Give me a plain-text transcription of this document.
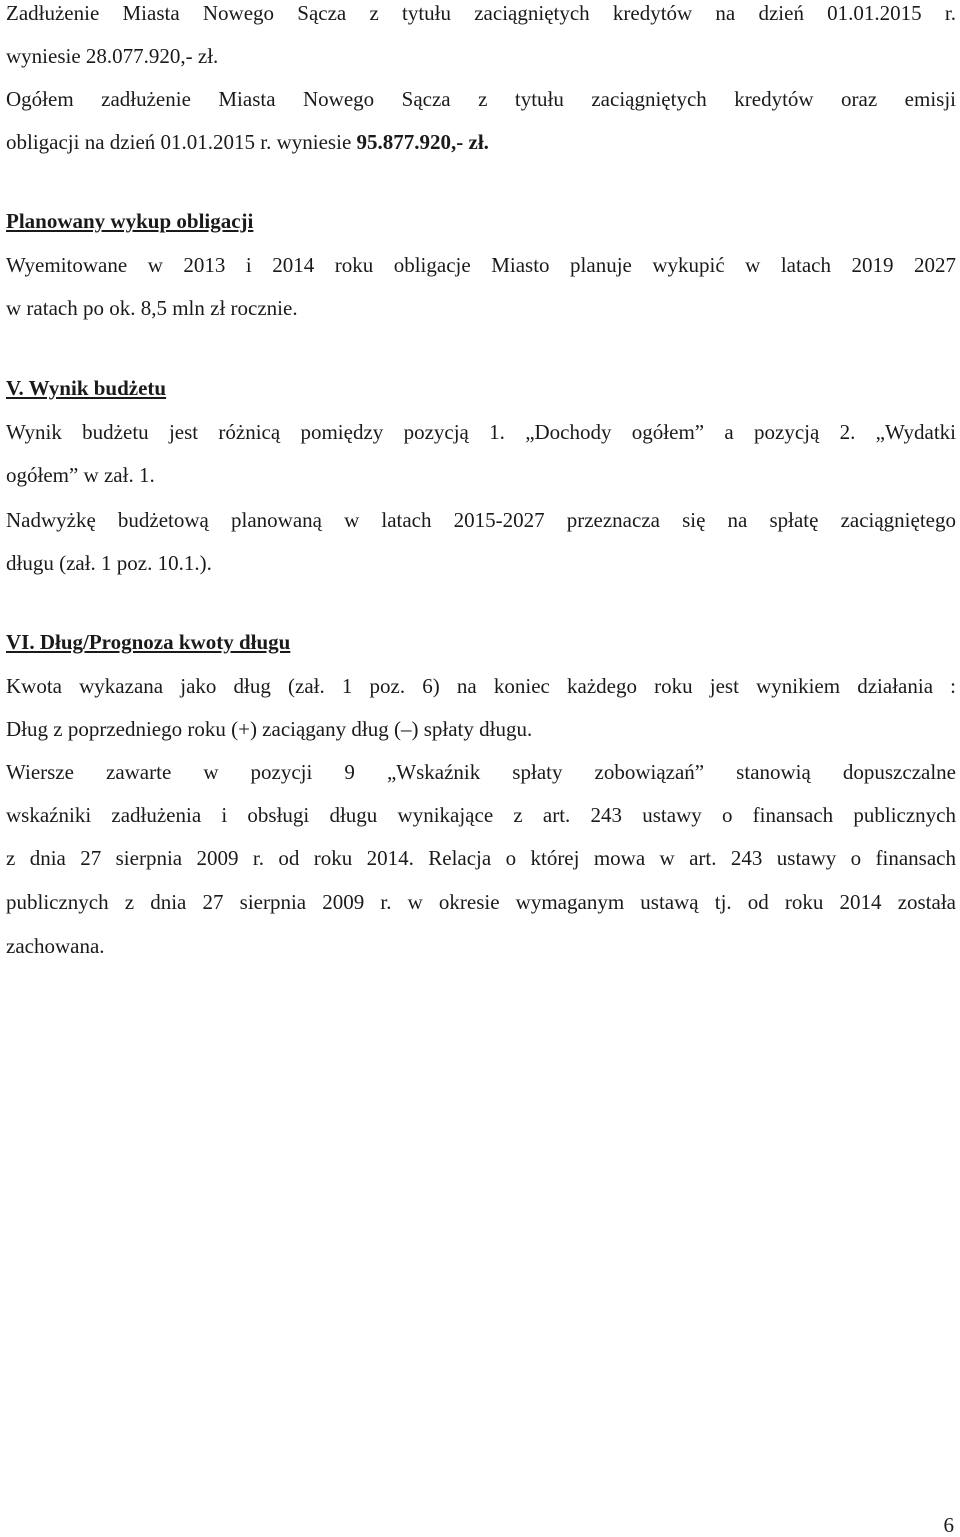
Zadłużenie Miasta Nowego Sącza z tytułu zaciągniętych kredytów na dzień 01.01.2015 r.
wyniesie 28.077.920,- zł.
Ogółem zadłużenie Miasta Nowego Sącza z tytułu zaciągniętych kredytów oraz emisji
obligacji na dzień 01.01.2015 r. wyniesie 95.877.920,- zł.
Planowany wykup obligacji
Wyemitowane w 2013 i 2014 roku obligacje Miasto planuje wykupić w latach 2019 2027
w ratach po ok. 8,5 mln zł rocznie.
V. Wynik budżetu
Wynik budżetu jest różnicą pomiędzy pozycją 1. „Dochody ogółem” a pozycją 2. „Wydatki
ogółem” w zał. 1.
Nadwyżkę budżetową planowaną w latach 2015-2027 przeznacza się na spłatę zaciągniętego
długu (zał. 1 poz. 10.1.).
VI. Dług/Prognoza kwoty długu
Kwota wykazana jako dług (zał. 1 poz. 6) na koniec każdego roku jest wynikiem działania :
Dług z poprzedniego roku (+) zaciągany dług (–) spłaty długu.
Wiersze zawarte w pozycji 9 „Wskaźnik spłaty zobowiązań” stanowią dopuszczalne
wskaźniki zadłużenia i obsługi długu wynikające z art. 243 ustawy o finansach publicznych
z dnia 27 sierpnia 2009 r. od roku 2014. Relacja o której mowa w art. 243 ustawy o finansach
publicznych z dnia 27 sierpnia 2009 r. w okresie wymaganym ustawą tj. od roku 2014 została
zachowana.
6
